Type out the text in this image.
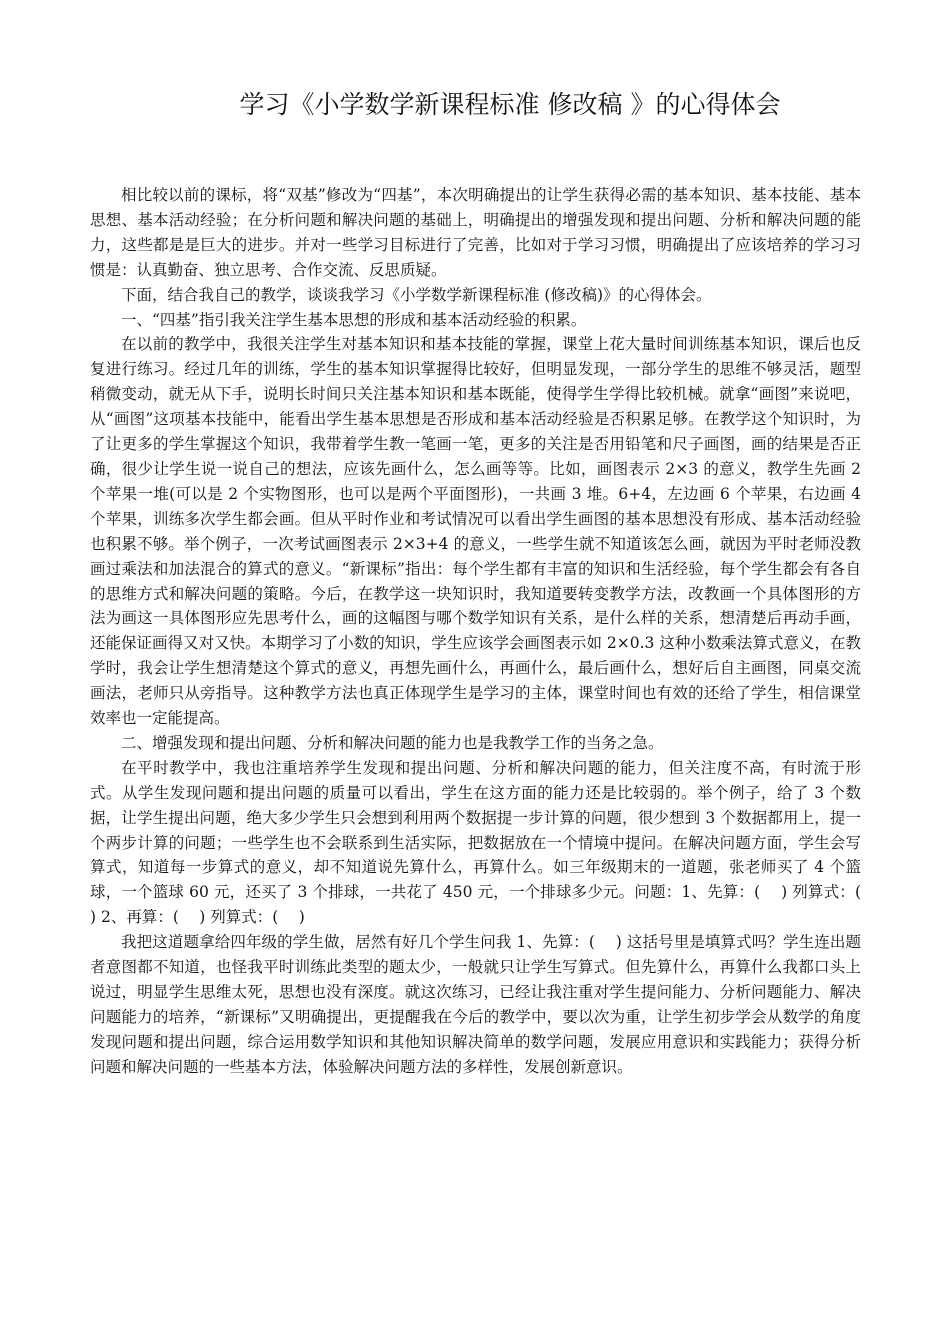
学习《小学数学新课程标准 修改稿 》的心得体会

相比较以前的课标，将“双基”修改为“四基”，本次明确提出的让学生获得必需的基本知识、基本技能、基本思想、基本活动经验；在分析问题和解决问题的基础上，明确提出的增强发现和提出问题、分析和解决问题的能力，这些都是是巨大的进步。并对一些学习目标进行了完善，比如对于学习习惯，明确提出了应该培养的学习习惯是：认真勤奋、独立思考、合作交流、反思质疑。

下面，结合我自己的教学，谈谈我学习《小学数学新课程标准 (修改稿)》的心得体会。

一、“四基”指引我关注学生基本思想的形成和基本活动经验的积累。

在以前的教学中，我很关注学生对基本知识和基本技能的掌握，课堂上花大量时间训练基本知识，课后也反复进行练习。经过几年的训练，学生的基本知识掌握得比较好，但明显发现，一部分学生的思维不够灵活，题型稍微变动，就无从下手，说明长时间只关注基本知识和基本既能，使得学生学得比较机械。就拿“画图”来说吧，从“画图”这项基本技能中，能看出学生基本思想是否形成和基本活动经验是否积累足够。在教学这个知识时，为了让更多的学生掌握这个知识，我带着学生教一笔画一笔，更多的关注是否用铅笔和尺子画图，画的结果是否正确，很少让学生说一说自己的想法，应该先画什么，怎么画等等。比如，画图表示 2×3 的意义，教学生先画 2 个苹果一堆(可以是 2 个实物图形，也可以是两个平面图形)，一共画 3 堆。6+4，左边画 6 个苹果，右边画 4 个苹果，训练多次学生都会画。但从平时作业和考试情况可以看出学生画图的基本思想没有形成、基本活动经验也积累不够。举个例子，一次考试画图表示 2×3+4 的意义，一些学生就不知道该怎么画，就因为平时老师没教画过乘法和加法混合的算式的意义。“新课标”指出：每个学生都有丰富的知识和生活经验，每个学生都会有各自的思维方式和解决问题的策略。今后，在教学这一块知识时，我知道要转变教学方法，改教画一个具体图形的方法为画这一具体图形应先思考什么，画的这幅图与哪个数学知识有关系，是什么样的关系，想清楚后再动手画，还能保证画得又对又快。本期学习了小数的知识，学生应该学会画图表示如 2×0.3 这种小数乘法算式意义，在教学时，我会让学生想清楚这个算式的意义，再想先画什么，再画什么，最后画什么，想好后自主画图，同桌交流画法，老师只从旁指导。这种教学方法也真正体现学生是学习的主体，课堂时间也有效的还给了学生，相信课堂效率也一定能提高。

二、增强发现和提出问题、分析和解决问题的能力也是我教学工作的当务之急。

在平时教学中，我也注重培养学生发现和提出问题、分析和解决问题的能力，但关注度不高，有时流于形式。从学生发现问题和提出问题的质量可以看出，学生在这方面的能力还是比较弱的。举个例子，给了 3 个数据，让学生提出问题，绝大多少学生只会想到利用两个数据提一步计算的问题，很少想到 3 个数据都用上，提一个两步计算的问题；一些学生也不会联系到生活实际，把数据放在一个情境中提问。在解决问题方面，学生会写算式，知道每一步算式的意义，却不知道说先算什么，再算什么。如三年级期末的一道题，张老师买了 4 个篮球，一个篮球 60 元，还买了 3 个排球，一共花了 450 元，一个排球多少元。问题：1、先算：(　 ) 列算式：(　 ) 2、再算：(　 ) 列算式：(　 )

我把这道题拿给四年级的学生做，居然有好几个学生问我 1、先算：(　 ) 这括号里是填算式吗？学生连出题者意图都不知道，也怪我平时训练此类型的题太少，一般就只让学生写算式。但先算什么，再算什么我都口头上说过，明显学生思维太死，思想也没有深度。就这次练习，已经让我注重对学生提问能力、分析问题能力、解决问题能力的培养，“新课标”又明确提出，更提醒我在今后的教学中，要以次为重，让学生初步学会从数学的角度发现问题和提出问题，综合运用数学知识和其他知识解决简单的数学问题，发展应用意识和实践能力；获得分析问题和解决问题的一些基本方法，体验解决问题方法的多样性，发展创新意识。
